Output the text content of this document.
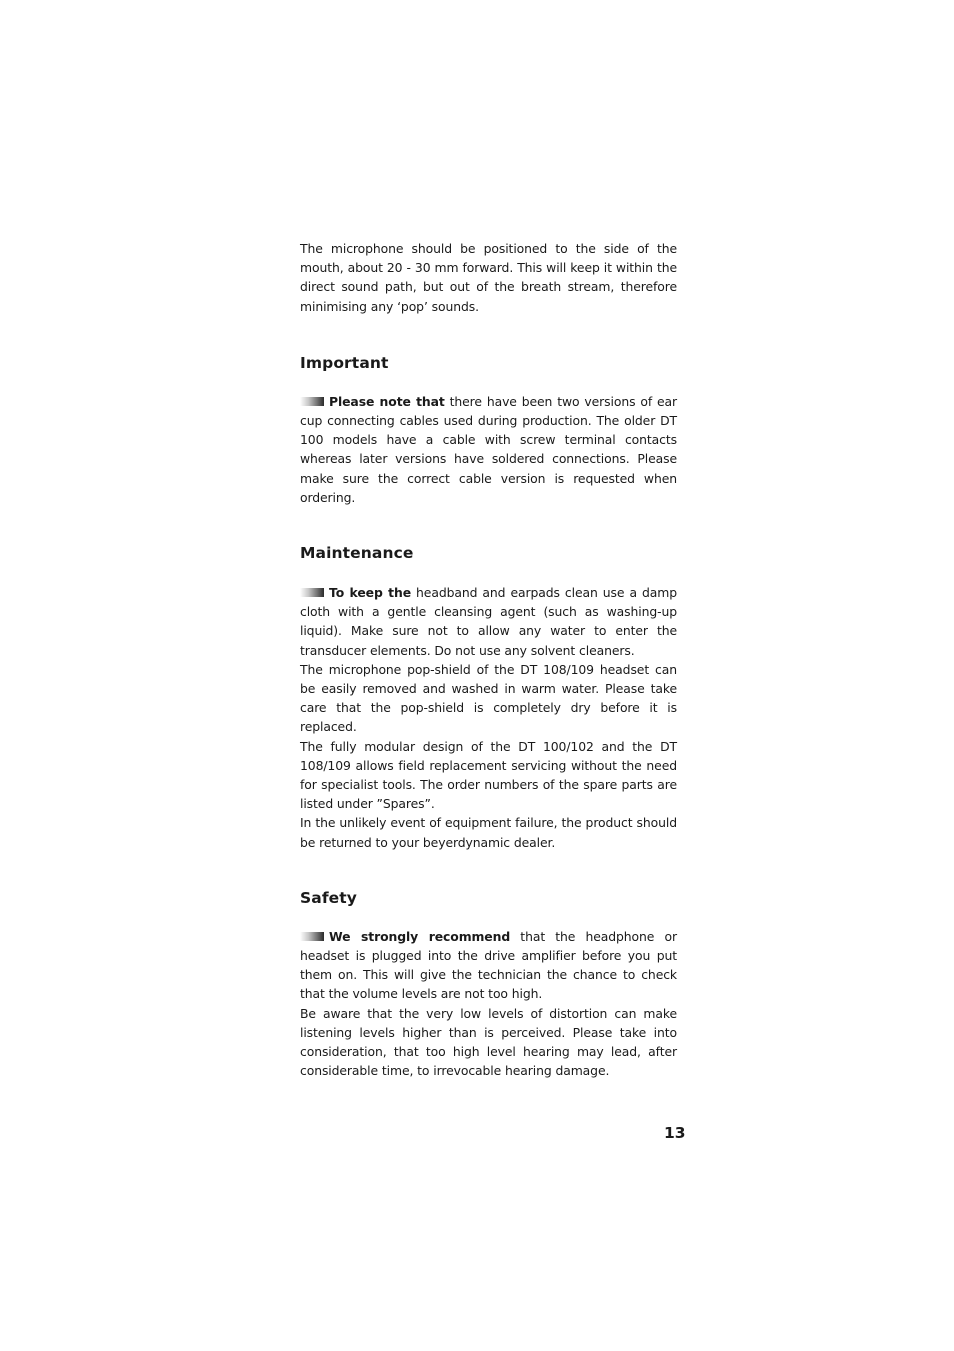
The microphone should be positioned to the side of the mouth, about 20 - 30 mm forward. This will keep it within the direct sound path, but out of the breath stream, therefore minimising any ‘pop’ sounds.

Important

Please note that there have been two versions of ear cup connecting cables used during production. The older DT 100 models have a cable with screw terminal contacts whereas later versions have soldered connections. Please make sure the correct cable version is requested when ordering.

Maintenance

To keep the headband and earpads clean use a damp cloth with a gentle cleansing agent (such as washing-up liquid). Make sure not to allow any water to enter the transducer elements. Do not use any solvent cleaners.

The microphone pop-shield of the DT 108/109 headset can be easily removed and washed in warm water. Please take care that the pop-shield is completely dry before it is replaced.

The fully modular design of the DT 100/102 and the DT 108/109 allows field replacement servicing without the need for specialist tools. The order numbers of the spare parts are listed under ”Spares”.

In the unlikely event of equipment failure, the product should be returned to your beyerdynamic dealer.

Safety

We strongly recommend that the headphone or headset is plugged into the drive amplifier before you put them on. This will give the technician the chance to check that the volume levels are not too high.

Be aware that the very low levels of distortion can make listening levels higher than is perceived. Please take into consideration, that too high level hearing may lead, after considerable time, to irrevocable hearing damage.

13
